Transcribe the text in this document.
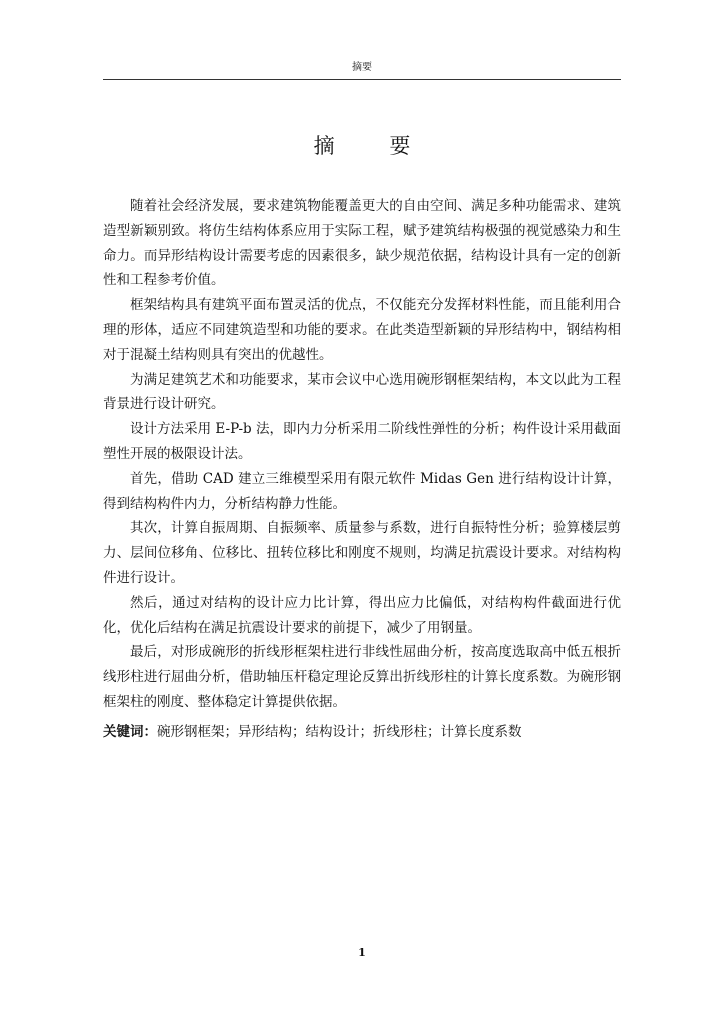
摘要
摘 要

随着社会经济发展，要求建筑物能覆盖更大的自由空间、满足多种功能需求、建筑造型新颖别致。将仿生结构体系应用于实际工程，赋予建筑结构极强的视觉感染力和生命力。而异形结构设计需要考虑的因素很多，缺少规范依据，结构设计具有一定的创新性和工程参考价值。

框架结构具有建筑平面布置灵活的优点，不仅能充分发挥材料性能，而且能利用合理的形体，适应不同建筑造型和功能的要求。在此类造型新颖的异形结构中，钢结构相对于混凝土结构则具有突出的优越性。

为满足建筑艺术和功能要求，某市会议中心选用碗形钢框架结构，本文以此为工程背景进行设计研究。

设计方法采用 E-P-b 法，即内力分析采用二阶线性弹性的分析；构件设计采用截面塑性开展的极限设计法。

首先，借助 CAD 建立三维模型采用有限元软件 Midas Gen 进行结构设计计算，得到结构构件内力，分析结构静力性能。

其次，计算自振周期、自振频率、质量参与系数，进行自振特性分析；验算楼层剪力、层间位移角、位移比、扭转位移比和刚度不规则，均满足抗震设计要求。对结构构件进行设计。

然后，通过对结构的设计应力比计算，得出应力比偏低，对结构构件截面进行优化，优化后结构在满足抗震设计要求的前提下，减少了用钢量。

最后，对形成碗形的折线形框架柱进行非线性屈曲分析，按高度选取高中低五根折线形柱进行屈曲分析，借助轴压杆稳定理论反算出折线形柱的计算长度系数。为碗形钢框架柱的刚度、整体稳定计算提供依据。

关键词：碗形钢框架；异形结构；结构设计；折线形柱；计算长度系数
1
